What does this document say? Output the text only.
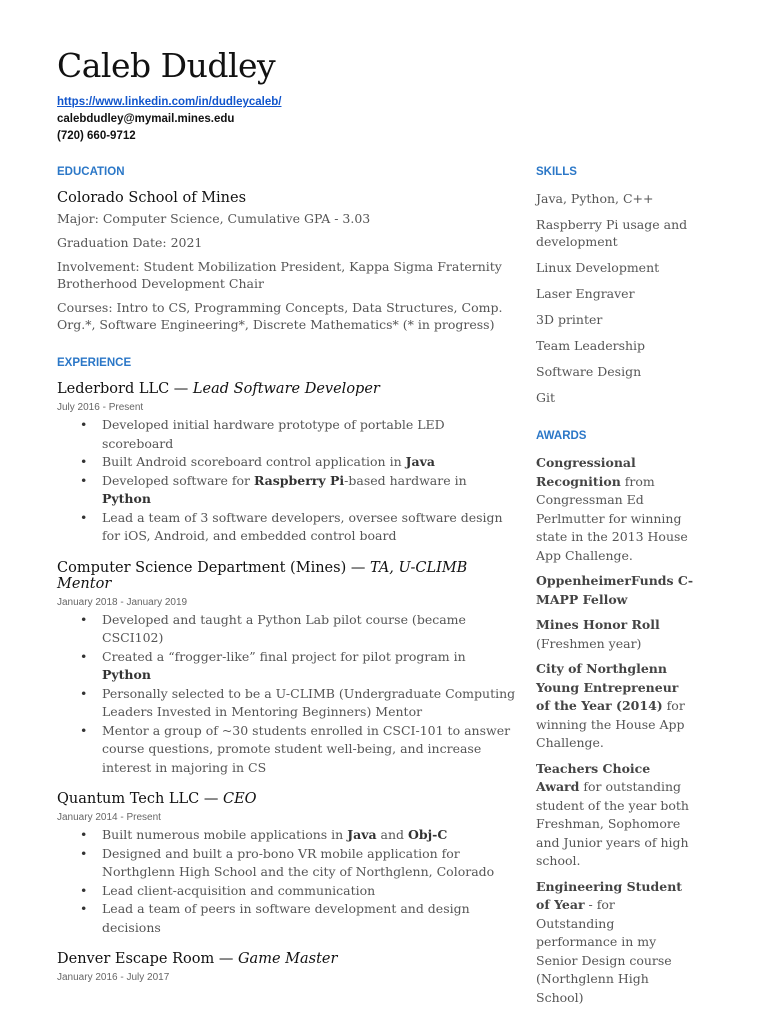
Caleb Dudley
https://www.linkedin.com/in/dudleycaleb/
calebdudley@mymail.mines.edu
(720) 660-9712
EDUCATION
Colorado School of Mines
Major: Computer Science, Cumulative GPA - 3.03
Graduation Date: 2021
Involvement: Student Mobilization President, Kappa Sigma Fraternity Brotherhood Development Chair
Courses: Intro to CS, Programming Concepts, Data Structures, Comp. Org.*, Software Engineering*, Discrete Mathematics* (* in progress)
EXPERIENCE
Lederbord LLC — Lead Software Developer
July 2016 - Present
• Developed initial hardware prototype of portable LED scoreboard
• Built Android scoreboard control application in Java
• Developed software for Raspberry Pi-based hardware in Python
• Lead a team of 3 software developers, oversee software design for iOS, Android, and embedded control board
Computer Science Department (Mines) — TA, U-CLIMB Mentor
January 2018 - January 2019
• Developed and taught a Python Lab pilot course (became CSCI102)
• Created a “frogger-like” final project for pilot program in Python
• Personally selected to be a U-CLIMB (Undergraduate Computing Leaders Invested in Mentoring Beginners) Mentor
• Mentor a group of ~30 students enrolled in CSCI-101 to answer course questions, promote student well-being, and increase interest in majoring in CS
Quantum Tech LLC — CEO
January 2014 - Present
• Built numerous mobile applications in Java and Obj-C
• Designed and built a pro-bono VR mobile application for Northglenn High School and the city of Northglenn, Colorado
• Lead client-acquisition and communication
• Lead a team of peers in software development and design decisions
Denver Escape Room — Game Master
January 2016 - July 2017
SKILLS
Java, Python, C++
Raspberry Pi usage and development
Linux Development
Laser Engraver
3D printer
Team Leadership
Software Design
Git
AWARDS
Congressional Recognition from Congressman Ed Perlmutter for winning state in the 2013 House App Challenge.
OppenheimerFunds C-MAPP Fellow
Mines Honor Roll (Freshmen year)
City of Northglenn Young Entrepreneur of the Year (2014) for winning the House App Challenge.
Teachers Choice Award for outstanding student of the year both Freshman, Sophomore and Junior years of high school.
Engineering Student of Year - for Outstanding performance in my Senior Design course (Northglenn High School)
